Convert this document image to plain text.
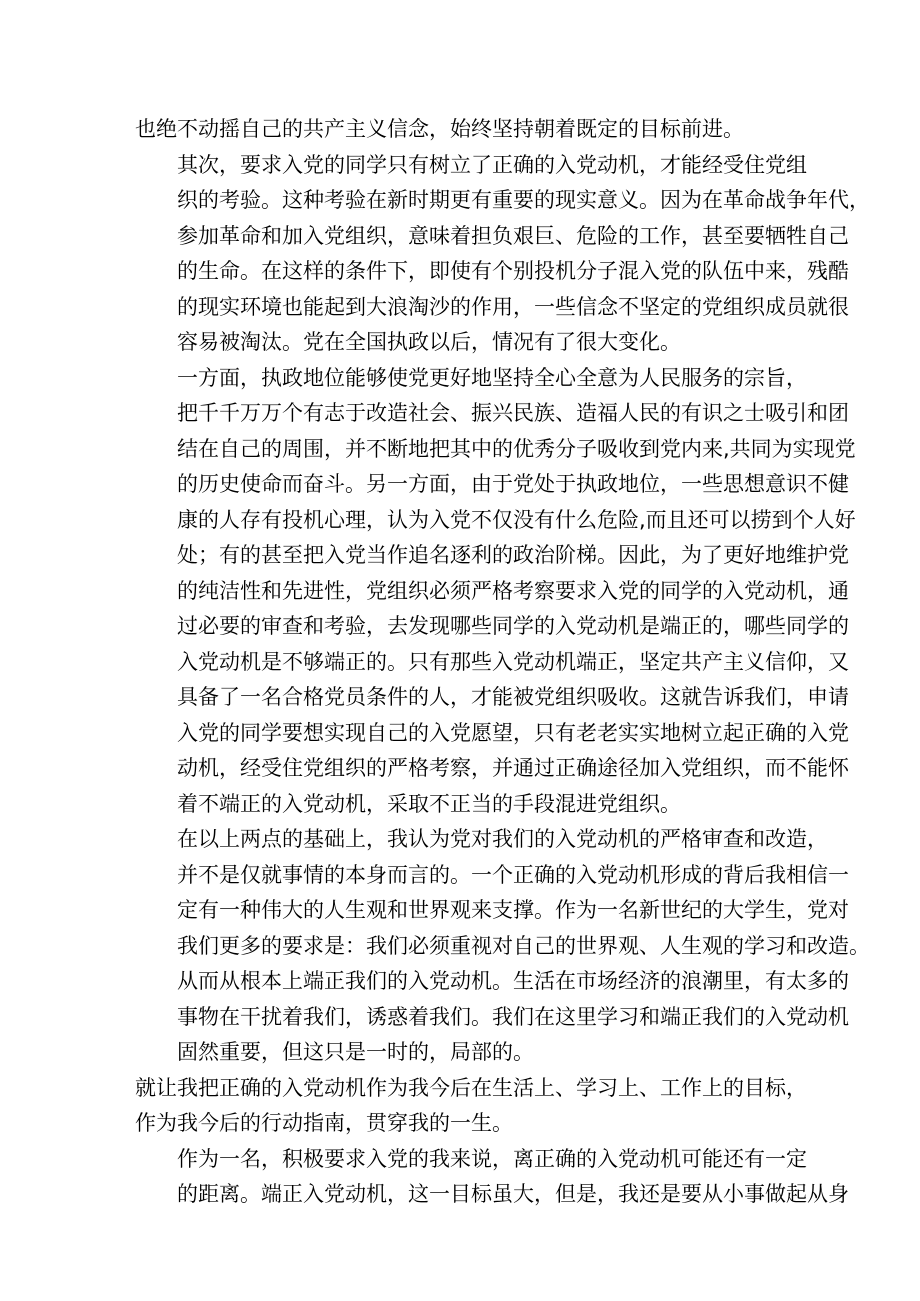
也绝不动摇自己的共产主义信念，始终坚持朝着既定的目标前进。

其次，要求入党的同学只有树立了正确的入党动机，才能经受住党组
织的考验。这种考验在新时期更有重要的现实意义。因为在革命战争年代，
参加革命和加入党组织，意味着担负艰巨、危险的工作，甚至要牺牲自己
的生命。在这样的条件下，即使有个别投机分子混入党的队伍中来，残酷
的现实环境也能起到大浪淘沙的作用，一些信念不坚定的党组织成员就很
容易被淘汰。党在全国执政以后，情况有了很大变化。

一方面，执政地位能够使党更好地坚持全心全意为人民服务的宗旨，
把千千万万个有志于改造社会、振兴民族、造福人民的有识之士吸引和团
结在自己的周围，并不断地把其中的优秀分子吸收到党内来,共同为实现党
的历史使命而奋斗。另一方面，由于党处于执政地位，一些思想意识不健
康的人存有投机心理，认为入党不仅没有什么危险,而且还可以捞到个人好
处；有的甚至把入党当作追名逐利的政治阶梯。因此，为了更好地维护党
的纯洁性和先进性，党组织必须严格考察要求入党的同学的入党动机，通
过必要的审查和考验，去发现哪些同学的入党动机是端正的，哪些同学的
入党动机是不够端正的。只有那些入党动机端正，坚定共产主义信仰，又
具备了一名合格党员条件的人，才能被党组织吸收。这就告诉我们，申请
入党的同学要想实现自己的入党愿望，只有老老实实地树立起正确的入党
动机，经受住党组织的严格考察，并通过正确途径加入党组织，而不能怀
着不端正的入党动机，采取不正当的手段混进党组织。

在以上两点的基础上，我认为党对我们的入党动机的严格审查和改造，
并不是仅就事情的本身而言的。一个正确的入党动机形成的背后我相信一
定有一种伟大的人生观和世界观来支撑。作为一名新世纪的大学生，党对
我们更多的要求是：我们必须重视对自己的世界观、人生观的学习和改造。
从而从根本上端正我们的入党动机。生活在市场经济的浪潮里，有太多的
事物在干扰着我们，诱惑着我们。我们在这里学习和端正我们的入党动机
固然重要，但这只是一时的，局部的。

就让我把正确的入党动机作为我今后在生活上、学习上、工作上的目标，
作为我今后的行动指南，贯穿我的一生。

作为一名，积极要求入党的我来说，离正确的入党动机可能还有一定
的距离。端正入党动机，这一目标虽大，但是，我还是要从小事做起从身
